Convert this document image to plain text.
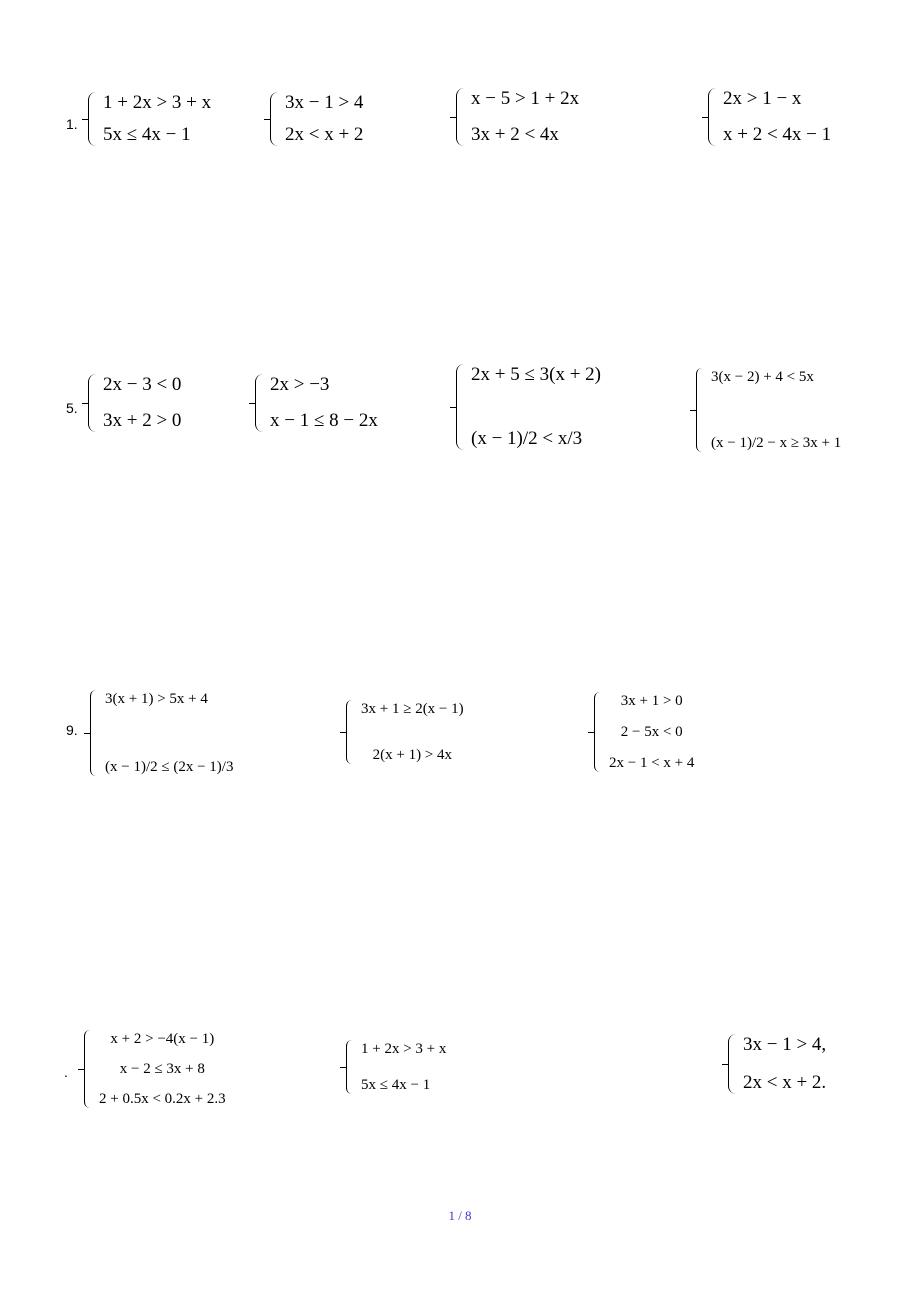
1.
1 + 2x > 3 + x
5x ≤ 4x − 1
3x − 1 > 4
2x < x + 2
x − 5 > 1 + 2x
3x + 2 < 4x
2x > 1 − x
x + 2 < 4x − 1
5.
2x − 3 < 0
3x + 2 > 0
2x > −3
x − 1 ≤ 8 − 2x
2x + 5 ≤ 3(x + 2)
(x − 1)/2 < x/3
3(x − 2) + 4 < 5x
(x − 1)/2 − x ≥ 3x + 1
9.
3(x + 1) > 5x + 4
(x − 1)/2 ≤ (2x − 1)/3
3x + 1 ≥ 2(x − 1)
2(x + 1) > 4x
3x + 1 > 0
2 − 5x < 0
2x − 1 < x + 4
.
x + 2 > −4(x − 1)
x − 2 ≤ 3x + 8
2 + 0.5x < 0.2x + 2.3
1 + 2x > 3 + x
5x ≤ 4x − 1
3x − 1 > 4,
2x < x + 2.
1 / 8
